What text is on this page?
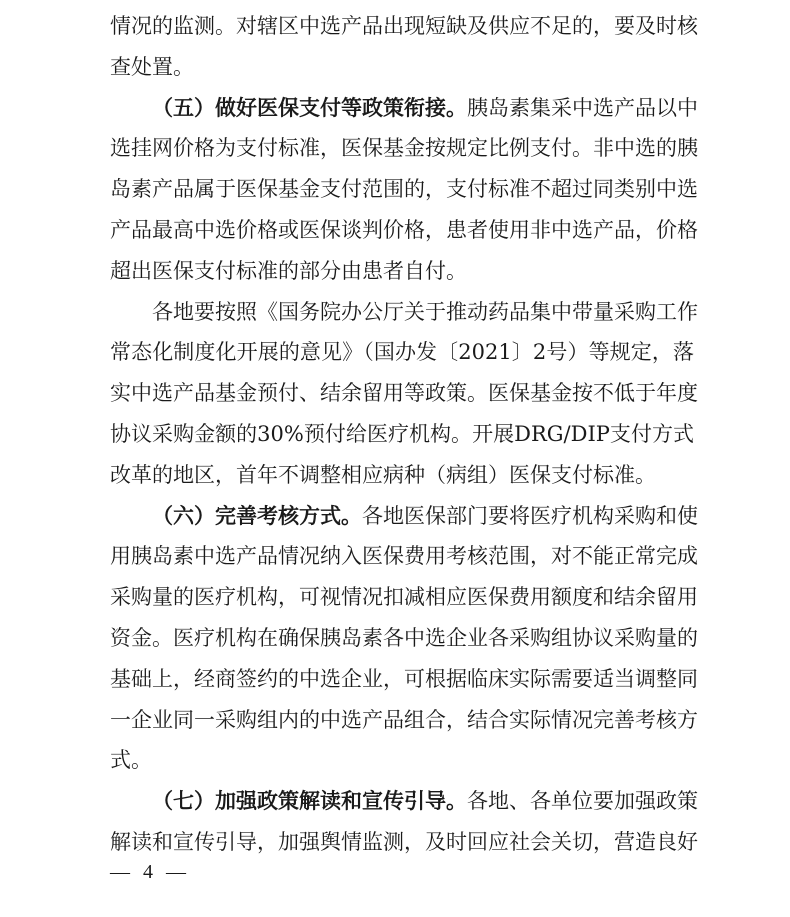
情况的监测。对辖区中选产品出现短缺及供应不足的，要及时核
查处置。
（五）做好医保支付等政策衔接。胰岛素集采中选产品以中
选挂网价格为支付标准，医保基金按规定比例支付。非中选的胰
岛素产品属于医保基金支付范围的，支付标准不超过同类别中选
产品最高中选价格或医保谈判价格，患者使用非中选产品，价格
超出医保支付标准的部分由患者自付。
各地要按照《国务院办公厅关于推动药品集中带量采购工作
常态化制度化开展的意见》（国办发〔2021〕2号）等规定，落
实中选产品基金预付、结余留用等政策。医保基金按不低于年度
协议采购金额的30%预付给医疗机构。开展DRG/DIP支付方式
改革的地区，首年不调整相应病种（病组）医保支付标准。
（六）完善考核方式。各地医保部门要将医疗机构采购和使
用胰岛素中选产品情况纳入医保费用考核范围，对不能正常完成
采购量的医疗机构，可视情况扣减相应医保费用额度和结余留用
资金。医疗机构在确保胰岛素各中选企业各采购组协议采购量的
基础上，经商签约的中选企业，可根据临床实际需要适当调整同
一企业同一采购组内的中选产品组合，结合实际情况完善考核方
式。
（七）加强政策解读和宣传引导。各地、各单位要加强政策
解读和宣传引导，加强舆情监测，及时回应社会关切，营造良好
— 4 —
